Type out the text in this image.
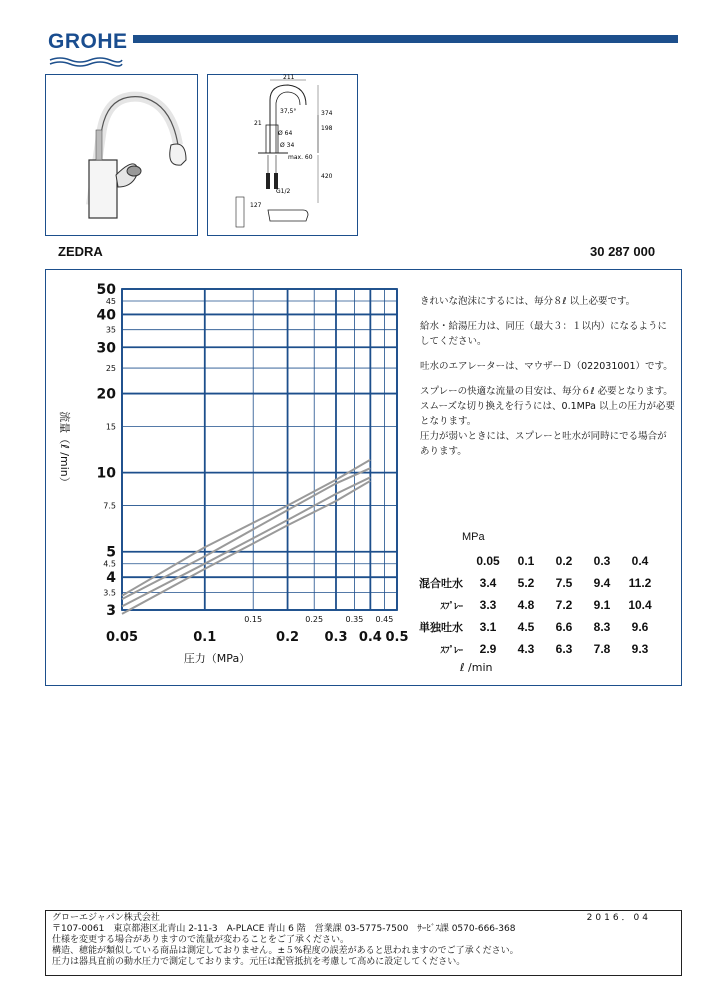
GROHE
211
374
198
420
37,5°
Ø 64
Ø 34
max. 60
21
G1/2
127
ZEDRA	30 287 000
3
4
5
10
20
30
40
50
3.5
4.5
7.5
15
25
35
45
0.05	0.1	0.2 0.3 0.4 0.5
0.15	0.25	0.35 0.45
圧力（MPa）
流量（ℓ /min）

きれいな泡沫にするには、毎分８ℓ 以上必要です。

給水・給湯圧力は、同圧（最大３：１以内）になるようにしてください。

吐水のエアレーターは、マウザーＤ（022031001）です。

スプレーの快適な流量の目安は、毎分６ℓ 必要となります。

スムーズな切り換えを行うには、0.1MPa 以上の圧力が必要となります。

圧力が弱いときには、スプレーと吐水が同時にでる場合があります。

MPa
	0.05	0.1	0.2	0.3	0.4
混合吐水	3.4	5.2	7.5	9.4	11.2
ｽﾌﾟﾚｰ	3.3	4.8	7.2	9.1	10.4
単独吐水	3.1	4.5	6.6	8.3	9.6
ｽﾌﾟﾚｰ	2.9	4.3	6.3	7.8	9.3
ℓ /min
グローエジャパン株式会社	2016．04
〒107-0061　東京都港区北青山 2-11-3　A-PLACE 青山 6 階　営業課 03-5775-7500　ｻｰﾋﾞｽ課 0570-666-368
仕様を変更する場合がありますので流量が変わることをご了承ください。
構造、穂能が類似している商品は測定しておりません。±５%程度の誤差があると思われますのでご了承ください。
圧力は器具直前の動水圧力で測定しております。元圧は配管抵抗を考慮して高めに設定してください。
